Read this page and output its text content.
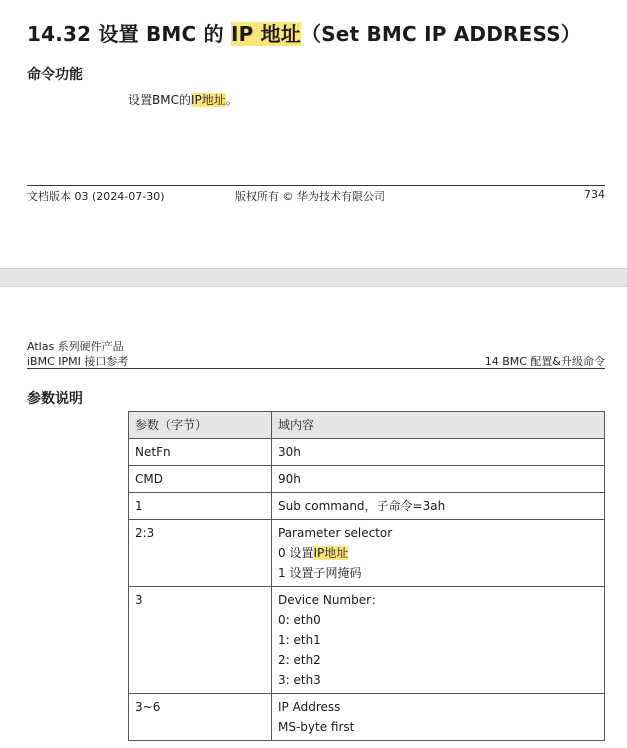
14.32 设置 BMC 的 IP 地址（Set BMC IP ADDRESS）
命令功能
设置BMC的IP地址。
文档版本 03 (2024-07-30)	版权所有 © 华为技术有限公司	734
Atlas 系列硬件产品
iBMC IPMI 接口参考	14 BMC 配置&升级命令
参数说明
参数（字节）	域内容
NetFn	30h

CMD	90h

1	Sub command，子命令=3ah

2:3	Parameter selector
0 设置IP地址
1 设置子网掩码

3	Device Number：
0: eth0
1: eth1
2: eth2
3: eth3

3~6	IP Address
MS-byte first
